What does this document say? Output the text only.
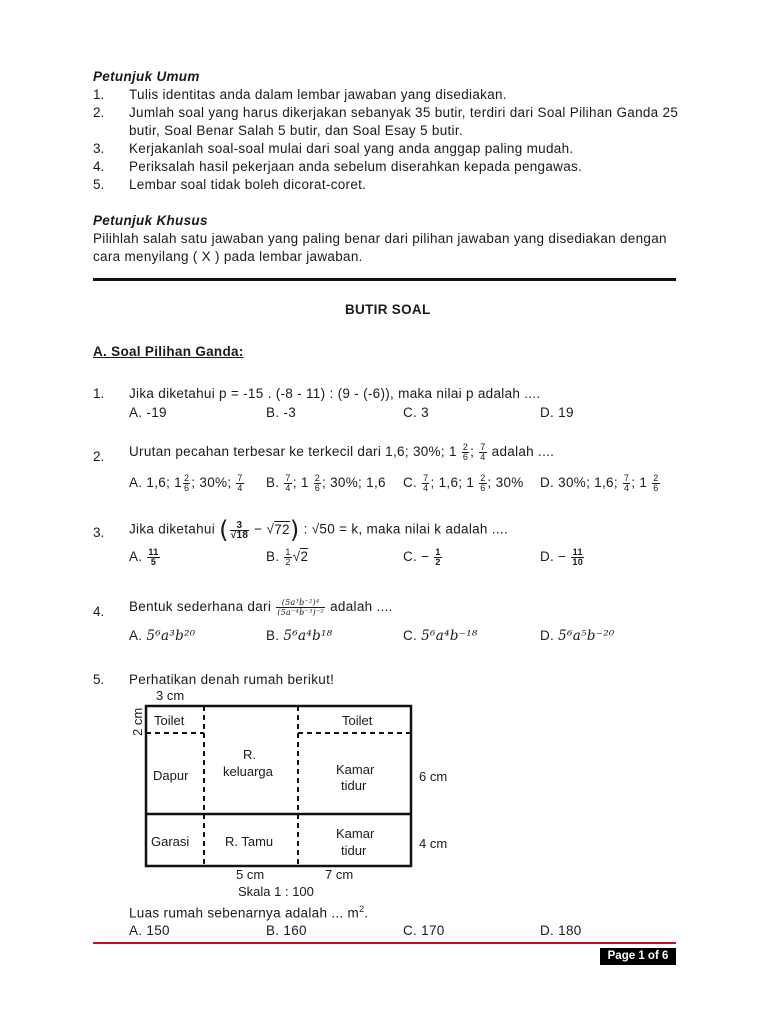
Petunjuk Umum
1. Tulis identitas anda dalam lembar jawaban yang disediakan.
2. Jumlah soal yang harus dikerjakan sebanyak 35 butir, terdiri dari Soal Pilihan Ganda 25
butir, Soal Benar Salah 5 butir, dan Soal Esay 5 butir.
3. Kerjakanlah soal-soal mulai dari soal yang anda anggap paling mudah.
4. Periksalah hasil pekerjaan anda sebelum diserahkan kepada pengawas.
5. Lembar soal tidak boleh dicorat-coret.
Petunjuk Khusus
Pilihlah salah satu jawaban yang paling benar dari pilihan jawaban yang disediakan dengan
cara menyilang ( X ) pada lembar jawaban.
BUTIR SOAL
A. Soal Pilihan Ganda:
1. Jika diketahui p = -15 . (-8 - 11) : (9 - (-6)), maka nilai p adalah ....
A. -19	B. -3	C. 3	D. 19
2. Urutan pecahan terbesar ke terkecil dari 1,6; 30%; $1 \frac{2}{6}$ ; $\frac{7}{4}$ adalah ....
A. 1,6; $1 \frac{2}{6}$ ; 30%; $\frac{7}{4} B$. $\frac{7}{4}$ ; $1 \frac{2}{6}$ ; 30%; 1,6 C. $\frac{7}{4}$ ; 1,6; $1 \frac{2}{6}$ ; 30% D. 30%; 1,6; $\frac{7}{4}$ ; $1 \frac{2}{6}$
3. Jika diketahui ( $\frac{3}{√18} - √72$) : √50 = k, maka nilai k adalah ....
A. $\frac{11}{5}$	B. $\frac{1}{2} √2$	C. − $\frac{1}{2}$	D. − $\frac{11}{10}$
4. Bentuk sederhana dari $\frac{\text{(5a³b⁻²)⁴}}{\text{(5a⁻⁴b⁻⁵)⁻²}}$ adalah ....
A. 5⁶a³b²⁰	B. 5⁶a⁴b¹⁸	C. 5⁶a⁴b⁻¹⁸	D. 5⁶a⁵b⁻²⁰
5. Perhatikan denah rumah berikut!
3 cm
2 cm
6 cm
4 cm
5 cm	7 cm
Skala 1 : 100
Toilet	Toilet
Dapur
R.
keluarga	Kamar
tidur
Garasi	R. Tamu
Kamar
tidur
Luas rumah sebenarnya adalah ... $m^2$.
A. 150	B. 160	C. 170	D. 180
Page 1 of 6
